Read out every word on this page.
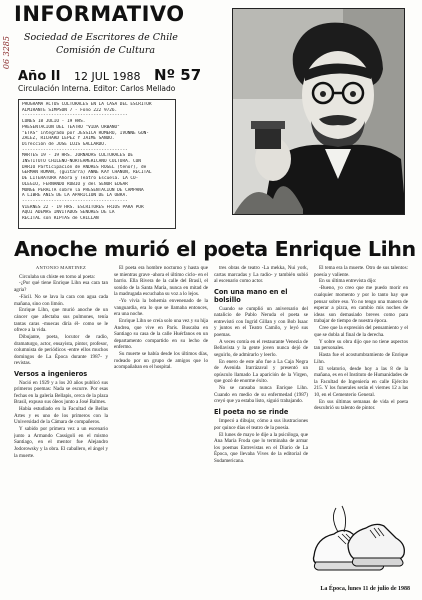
06 3285
INFORMATIVO
Sociedad de Escritores de Chile
Comisión de Cultura
Año II 12 JUL 1988 Nº 57
Circulación Interna. Editor: Carlos Mellado
PROGRAMA ACTOS CULTURALES EN LA CASA DEL ESCRITOR
ALMIRANTE SIMPSON 7 - Fono 222 9726.
----------------------------------------
LUNES 18 JULIO - 19 HRS.
PRESENTACION DEL TEATRO "VIDA URBANO"
"ETAS" integrado por JESSICA ROMERO, IVONNE GON-
ZALEZ, RICHARD LEPEZ Y JAIME SANDO.
Dirección de JOSE LUIS GALLARDO.
----------------------------------------
MARTES 19 - 19 HRS. JORNADAS CULTURALES DE
INSTITUTO CHILENO-NORTEAMERICANO CULTURA. CON
DARIO Participación de ANDRES ROGEL (tenor), de
GERMAN ROMAN, (guitarra) ANNE KAY CHANUN, RECITAL
DE LITERATURA Ahora y Teatro Escuela. LA CO-
OLEGIO, FERNANDO RUBIO y del SEÑOR EDGAR
MONGE PERALTA sobre la PRESENTACIÓN DE CAMPAÑA
A LIBRE ANIS DE LA APARICION DE LA OBRA.
----------------------------------------
VIERNES 22 - 19 HRS. ESCRITORES FRIOS PARA POR
AQUÍ ADEMÁS INVITADOS SEÑORES DE LA
RECITAL son RIPTAS de CHILLAN
Anoche murió el poeta Enrique Lihn

ANTONIO MARTINEZ

Circulaba un chiste en torno al poeta:

-¿Por qué tiene Enrique Lihn esa cara tan agria?

-Fácil. No se lava la cara con agua cada mañana, sino con limón.

Enrique Lihn, que murió anoche de un cáncer que afectaba sus pulmones, tenía tantas caras -muecas diría él- como se le ofrece a la vida.

Dibujante, poeta, locutor de radio, dramaturgo, actor, ensayista, pintor, profesor, columnista de periódicos -entre ellos muchos domingos de La Época durante 1987- y revistas.

Versos a ingenieros

Nació en 1929 y a los 20 años publicó sus primeros poemas: Nada se escurre. Por esas fechas en la galería Bellapis, cerca de la plaza Brasil, expuso sus óleos junto a José Balmes.

Había estudiado en la Facultad de Bellas Artes y es uno de los primeros con la Universidad de la Cámara de compañeros.

Y sabido por primera vez a un escenario junto a Armando Cassigoli en el mismo Santiago, en el mentor fue Alejandro Jodorowsky y la obra. El caballero, el ángel y la muerte.

El poeta era hombre nocturno y hasta que se mientras grave -ahora el último ciclo- en el barrio. Ella Rivera de la calle del Brasil, el sonido de la Santa María, nunca en mitad de la madrugada escuchaba su voz a lo lejos.

-Yo vivía la bohemia envenenado de la vanguardia, era lo que se llamaba entonces, era una noche.

Enrique Lihn se creía solo una vez y su hija Andrea, que vive en París. Buscaba en Santiago su casa de la calle Huérfanos en un departamento compartido en su lecho de enfermo.

Su muerte se había desde los últimos días, rodeado por un grupo de amigos que lo acompañaban en el hospital.

tres obras de teatro -La mekka, Nui york, cartas marcadas y La radio- y también subió al escenario como actor.

Con una mano en el bolsillo

Cuando se cumplió un aniversario del natalicio de Pablo Neruda el poeta se entrevistó con Ingrid Gillan y con Bob Isaac y juntos en el Teatro Camilo, y leyó sus poemas.

A veces comía en el restaurante Venezia de Bellavista y la gente joven nunca dejó de seguirlo, de admirarlo y leerlo.

En enero de este año fue a La Caja Negra de Avenida Irarrázaval y presentó un opúsculo llamado La aparición de la Virgen, que gozó de enorme éxito.

No se cansaba nunca Enrique Lihn. Cuando en medio de su enfermedad (1987) creyó que ya estaba listo, siguió trabajando.

El poeta no se rinde

Impecó a dibujar, cómo a sus ilustraciones por quince días el teatro de la poesía.

El lunes de mayo le dije a la psicóloga, que Ana María Froda que lo terminaba de armar los poemas Entrevistas en el Diario de La Época, que llevaba Vives de la editorial de Sudamericana.

El tema era la muerte. Otro de sus talentos: poesía y valiente.

En su última entrevista dijo:

-Bueno, yo creo que me puedo morir en cualquier momento y por lo tanto hay que pensar sobre eso. Yo no tengo una manera de esperar a pizca, en cambio mis noches de ideas son demasiado breves como para trabajar de tiempo de nuestra época.

Cree que la expresión del pensamiento y el que se dobla al final de la derecha.

Y sobre su obra dijo que no tiene aspectos tan personales.

Hasta fue el acostumbramiento de Enrique Lihn.

El velatorio, desde hoy a las 8 de la mañana, es en el Instituto de Humanidades de la Facultad de Ingeniería en calle Ejército 215. Y los funerales serán el viernes 12 a las 10, en el Cementerio General.

En sus últimas semanas de vida el poeta descubrió su talento de pintor.

La Época, lunes 11 de julio de 1988
